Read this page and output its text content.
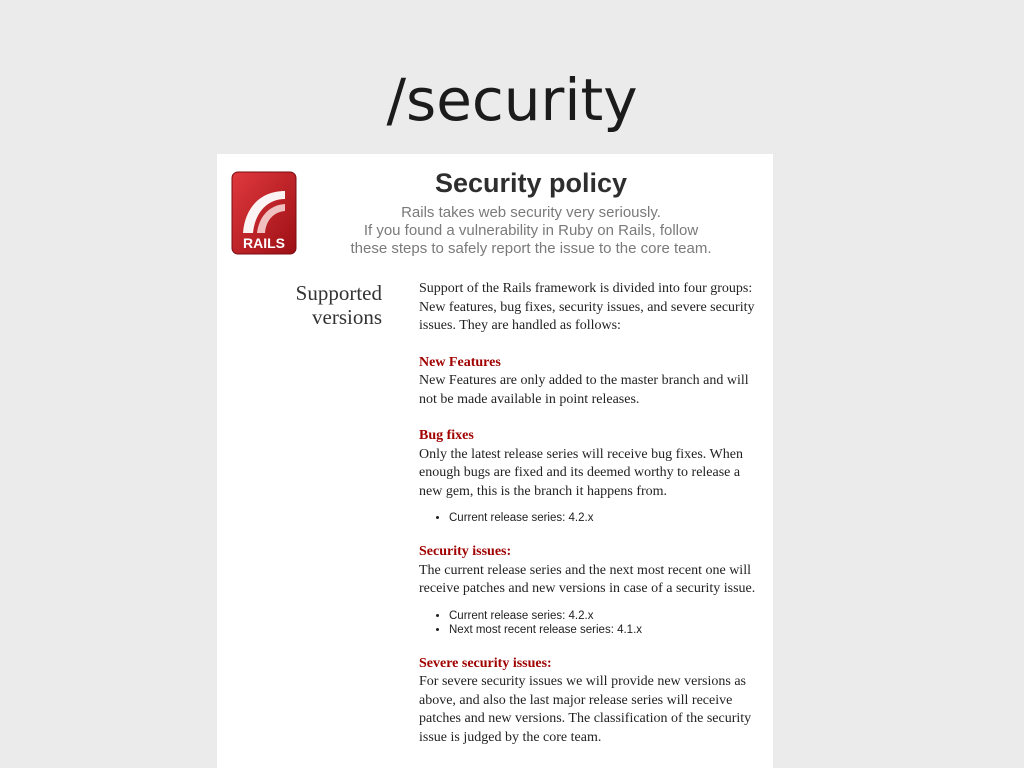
/security
RAILS
Security policy
Rails takes web security very seriously.
If you found a vulnerability in Ruby on Rails, follow
these steps to safely report the issue to the core team.
Supported
versions

Support of the Rails framework is divided into four groups: New features, bug fixes, security issues, and severe security issues. They are handled as follows:

New Features

New Features are only added to the master branch and will not be made available in point releases.

Bug fixes

Only the latest release series will receive bug fixes. When enough bugs are fixed and its deemed worthy to release a new gem, this is the branch it happens from.

• Current release series: 4.2.x
Security issues:

The current release series and the next most recent one will receive patches and new versions in case of a security issue.

• Current release series: 4.2.x
• Next most recent release series: 4.1.x
Severe security issues:

For severe security issues we will provide new versions as above, and also the last major release series will receive patches and new versions. The classification of the security issue is judged by the core team.
